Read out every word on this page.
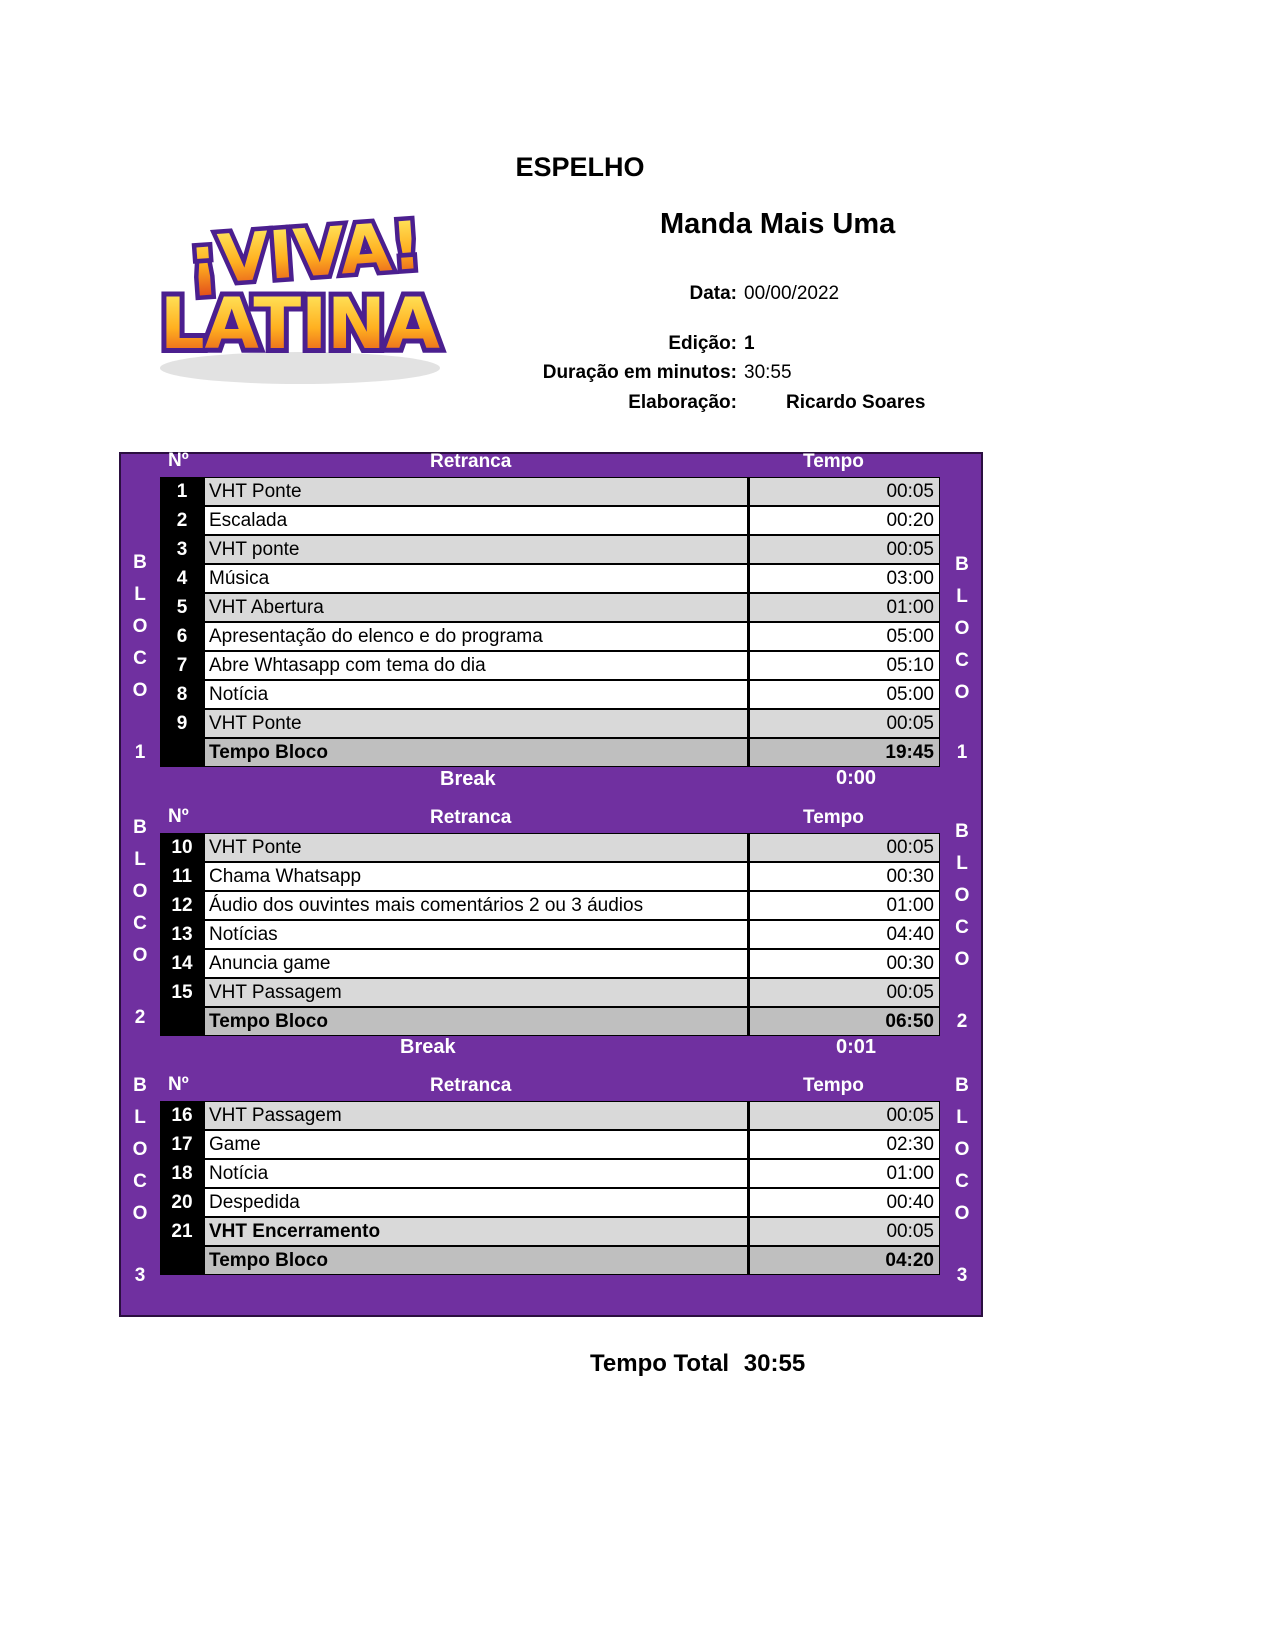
ESPELHO
Manda Mais Uma
¡VIVA!
LATINA	Data: 00/00/2022
Edição: 1
Duração em minutos: 30:55
Elaboração:	Ricardo Soares
Nº	Retranca	Tempo
1	VHT Ponte	00:05
2	Escalada	00:20
3	VHT ponte	00:05
4	Música	03:00
5	VHT Abertura	01:00
6	Apresentação do elenco e do programa	05:00
7	Abre Whtasapp com tema do dia	05:10
8	Notícia	05:00
9	VHT Ponte	00:05
Tempo Bloco	19:45
Break	0:00
Nº	Retranca	Tempo
10 VHT Ponte	00:05
11 Chama Whatsapp	00:30
12 Áudio dos ouvintes mais comentários 2 ou 3 áudios	01:00
13 Notícias	04:40
14 Anuncia game	00:30
15 VHT Passagem	00:05
Tempo Bloco	06:50
Break	0:01
Nº	Retranca	Tempo
16 VHT Passagem	00:05
17 Game	02:30
18 Notícia	01:00
20 Despedida	00:40
21 VHT Encerramento	00:05
Tempo Bloco	04:20
B
L
O
C
O
1
B
L
O
C
O
2
B
L
O
C
O
3
B
L
O
C
O
1
B
L
O
C
O
2
B
L
O
C
O
3
Tempo Total 30:55
